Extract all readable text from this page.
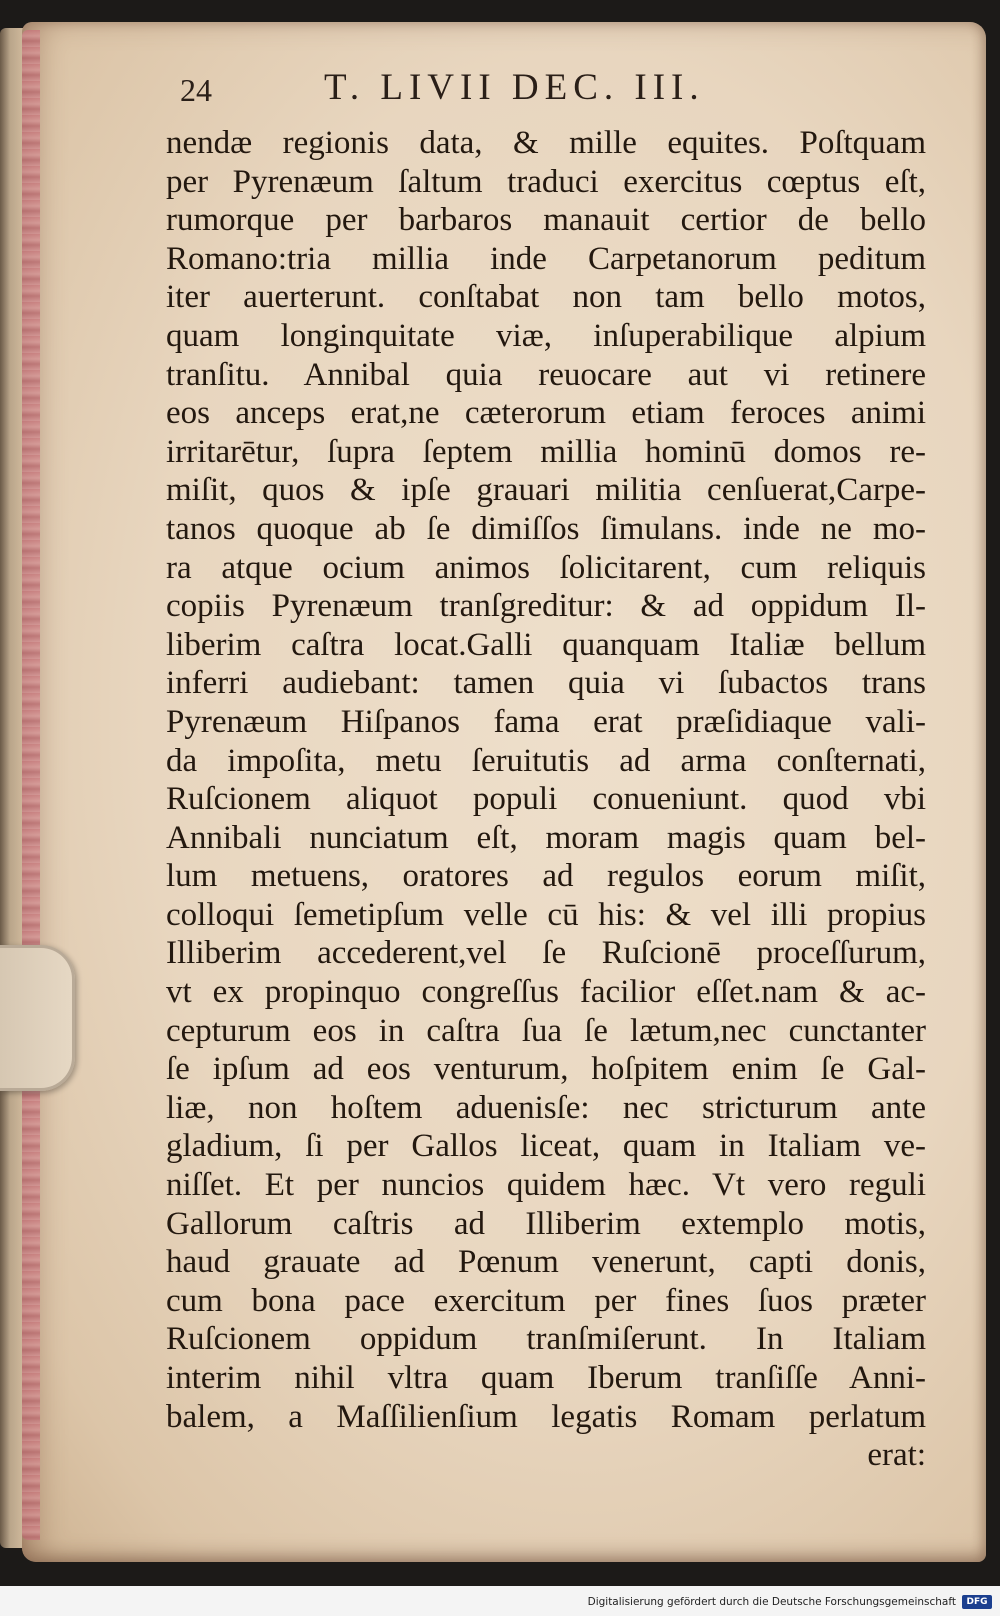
24	T. LIVII DEC. III.
nendæ regionis data, & mille equites. Poſtquam
per Pyrenæum ſaltum traduci exercitus cœptus eſt,
rumorque per barbaros manauit certior de bello
Romano:tria millia inde Carpetanorum peditum
iter auerterunt. conſtabat non tam bello motos,
quam longinquitate viæ, inſuperabilique alpium
tranſitu. Annibal quia reuocare aut vi retinere
eos anceps erat,ne cæterorum etiam feroces animi
irritarētur, ſupra ſeptem millia hominū domos re-
miſit, quos & ipſe grauari militia cenſuerat,Carpe-
tanos quoque ab ſe dimiſſos ſimulans. inde ne mo-
ra atque ocium animos ſolicitarent, cum reliquis
copiis Pyrenæum tranſgreditur: & ad oppidum Il-
liberim caſtra locat.Galli quanquam Italiæ bellum
inferri audiebant: tamen quia vi ſubactos trans
Pyrenæum Hiſpanos fama erat præſidiaque vali-
da impoſita, metu ſeruitutis ad arma conſternati,
Ruſcionem aliquot populi conueniunt. quod vbi
Annibali nunciatum eſt, moram magis quam bel-
lum metuens, oratores ad regulos eorum miſit,
colloqui ſemetipſum velle cū his: & vel illi propius
Illiberim accederent,vel ſe Ruſcionē proceſſurum,
vt ex propinquo congreſſus facilior eſſet.nam & ac-
cepturum eos in caſtra ſua ſe lætum,nec cunctanter
ſe ipſum ad eos venturum, hoſpitem enim ſe Gal-
liæ, non hoſtem aduenisſe: nec stricturum ante
gladium, ſi per Gallos liceat, quam in Italiam ve-
niſſet. Et per nuncios quidem hæc. Vt vero reguli
Gallorum caſtris ad Illiberim extemplo motis,
haud grauate ad Pœnum venerunt, capti donis,
cum bona pace exercitum per fines ſuos præter
Ruſcionem oppidum tranſmiſerunt. In Italiam
interim nihil vltra quam Iberum tranſiſſe Anni-
balem, a Maſſilienſium legatis Romam perlatum
erat:
Digitalisierung gefördert durch die Deutsche Forschungsgemeinschaft	DFG
